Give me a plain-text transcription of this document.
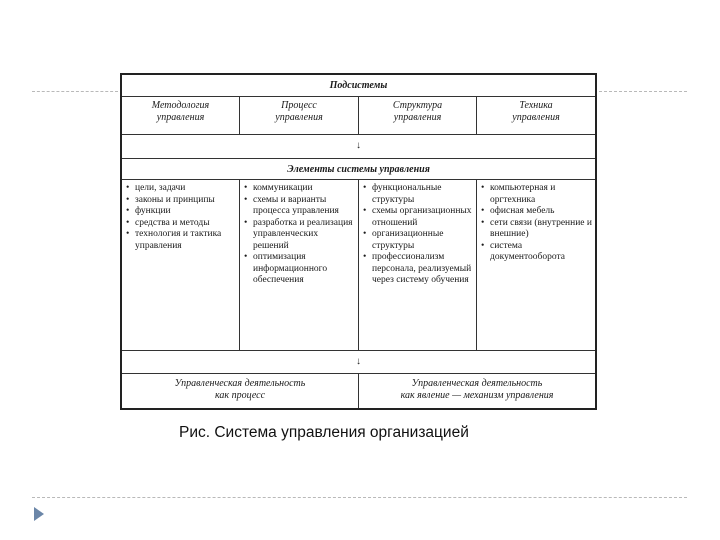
Подсистемы
Методология
управления
Процесс
управления
Структура
управления
Техника
управления
↓
Элементы системы управления
• цели, задачи
• законы и принципы
• функции
• средства и методы
• технология и тактика управления
• коммуникации
• схемы и варианты процесса управления
• разработка и реализация управленческих решений
• оптимизация информационного обеспечения
• функциональные структуры
• схемы организационных отношений
• организационные структуры
• профессионализм персонала, реализуемый через систему обучения
• компьютерная и оргтехника
• офисная мебель
• сети связи (внутренние и внешние)
• система документооборота
↓
Управленческая деятельность
как процесс
Управленческая деятельность
как явление — механизм управления
Рис. Система управления организацией
